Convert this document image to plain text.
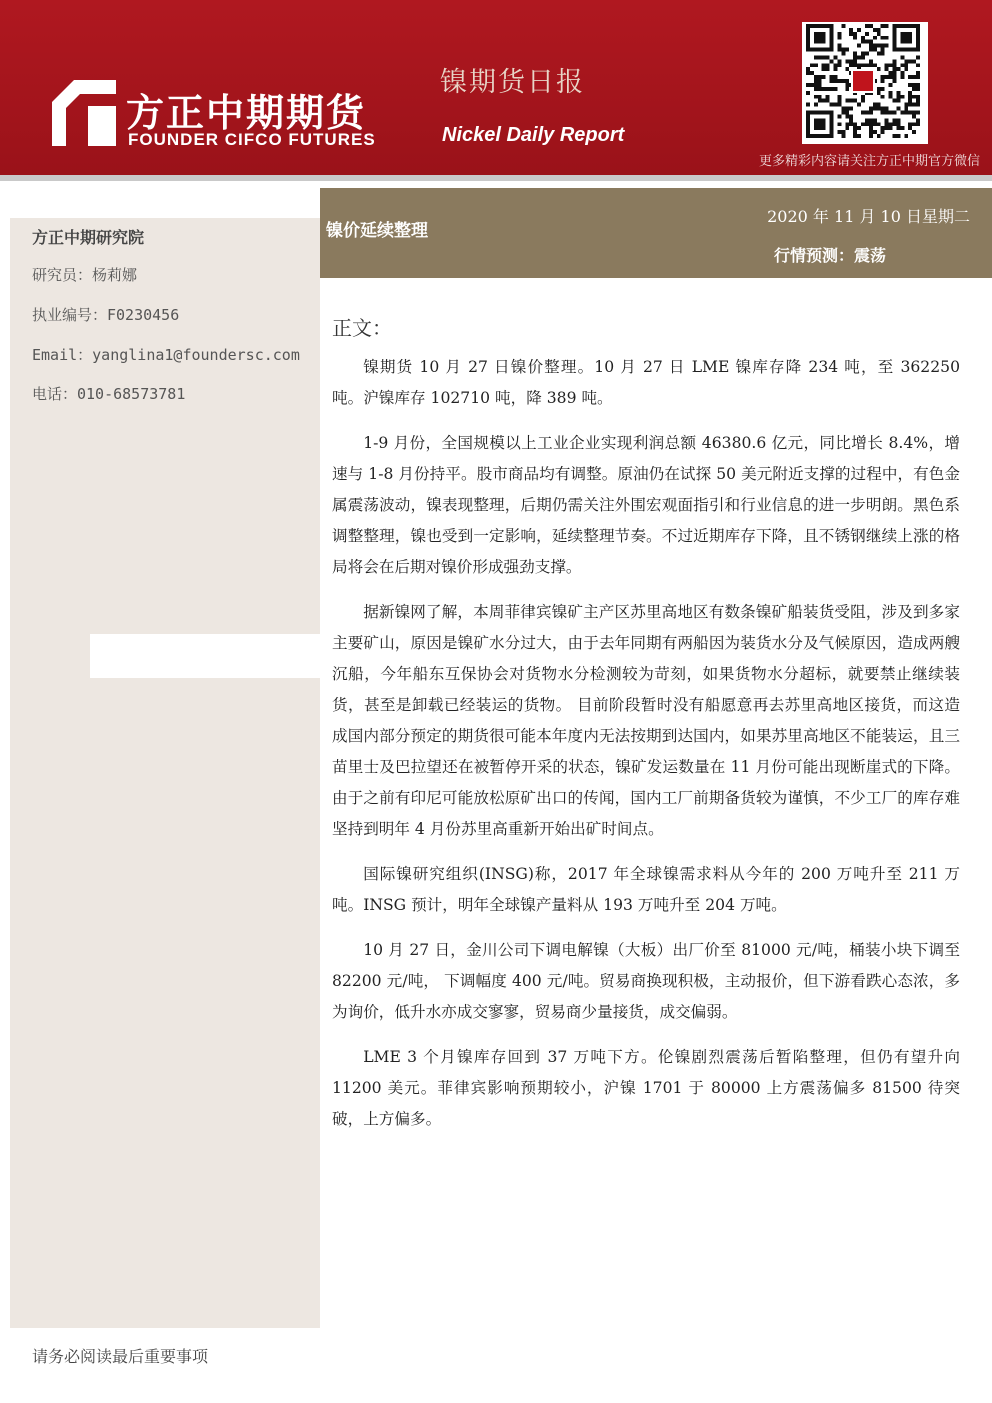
方正中期期货
FOUNDER CIFCO FUTURES
镍期货日报
Nickel Daily Report
更多精彩内容请关注方正中期官方微信
方正中期研究院
研究员：杨莉娜
执业编号：F0230456
Email：yanglina1@foundersc.com
电话：010-68573781
镍价延续整理
2020 年 11 月 10 日星期二
行情预测：震荡
正文：

镍期货 10 月 27 日镍价整理。10 月 27 日 LME 镍库存降 234 吨，至 362250 吨。沪镍库存 102710 吨，降 389 吨。

1-9 月份，全国规模以上工业企业实现利润总额 46380.6 亿元，同比增长 8.4%，增速与 1-8 月份持平。股市商品均有调整。原油仍在试探 50 美元附近支撑的过程中，有色金属震荡波动，镍表现整理，后期仍需关注外围宏观面指引和行业信息的进一步明朗。黑色系调整整理，镍也受到一定影响，延续整理节奏。不过近期库存下降，且不锈钢继续上涨的格局将会在后期对镍价形成强劲支撑。

据新镍网了解，本周菲律宾镍矿主产区苏里高地区有数条镍矿船装货受阻，涉及到多家主要矿山，原因是镍矿水分过大，由于去年同期有两船因为装货水分及气候原因，造成两艘沉船，今年船东互保协会对货物水分检测较为苛刻，如果货物水分超标，就要禁止继续装货，甚至是卸载已经装运的货物。 目前阶段暂时没有船愿意再去苏里高地区接货，而这造成国内部分预定的期货很可能本年度内无法按期到达国内，如果苏里高地区不能装运，且三苗里士及巴拉望还在被暂停开采的状态，镍矿发运数量在 11 月份可能出现断崖式的下降。由于之前有印尼可能放松原矿出口的传闻，国内工厂前期备货较为谨慎，不少工厂的库存难坚持到明年 4 月份苏里高重新开始出矿时间点。

国际镍研究组织(INSG)称，2017 年全球镍需求料从今年的 200 万吨升至 211 万吨。INSG 预计，明年全球镍产量料从 193 万吨升至 204 万吨。

10 月 27 日，金川公司下调电解镍（大板）出厂价至 81000 元/吨，桶装小块下调至 82200 元/吨， 下调幅度 400 元/吨。贸易商换现积极，主动报价，但下游看跌心态浓，多为询价，低升水亦成交寥寥，贸易商少量接货，成交偏弱。

LME 3 个月镍库存回到 37 万吨下方。伦镍剧烈震荡后暂陷整理，但仍有望升向 11200 美元。菲律宾影响预期较小，沪镍 1701 于 80000 上方震荡偏多 81500 待突破，上方偏多。

请务必阅读最后重要事项
